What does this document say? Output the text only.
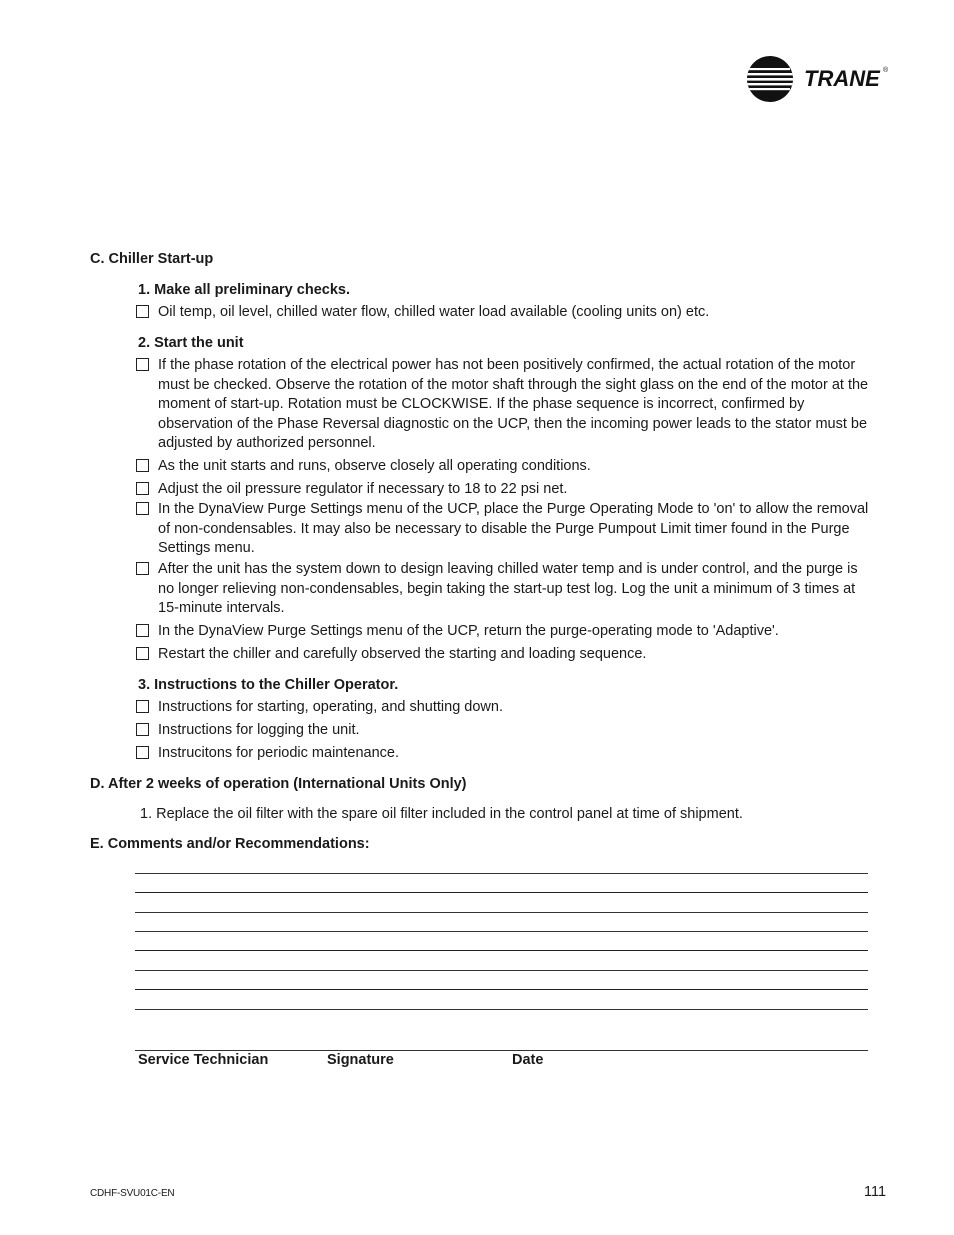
TRANE ®
C. Chiller Start-up
1. Make all preliminary checks.
Oil temp, oil level, chilled water flow, chilled water load available (cooling units on) etc.
2. Start the unit
If the phase rotation of the electrical power has not been positively confirmed, the actual rotation of the motor must be checked. Observe the rotation of the motor shaft through the sight glass on the end of the motor at the moment of start-up. Rotation must be CLOCKWISE. If the phase sequence is incorrect, confirmed by observation of the Phase Reversal diagnostic on the UCP, then the incoming power leads to the stator must be adjusted by authorized personnel.
As the unit starts and runs, observe closely all operating conditions.
Adjust the oil pressure regulator if necessary to 18 to 22 psi net.
In the DynaView Purge Settings menu of the UCP, place the Purge Operating Mode to 'on' to allow the removal of non-condensables. It may also be necessary to disable the Purge Pumpout Limit timer found in the Purge Settings menu.
After the unit has the system down to design leaving chilled water temp and is under control, and the purge is no longer relieving non-condensables, begin taking the start-up test log. Log the unit a minimum of 3 times at 15-minute intervals.
In the DynaView Purge Settings menu of the UCP, return the purge-operating mode to 'Adaptive'.
Restart the chiller and carefully observed the starting and loading sequence.
3. Instructions to the Chiller Operator.
Instructions for starting, operating, and shutting down.
Instructions for logging the unit.
Instrucitons for periodic maintenance.
D. After 2 weeks of operation (International Units Only)
1. Replace the oil filter with the spare oil filter included in the control panel at time of shipment.
E. Comments and/or Recommendations:
Service Technician	Signature	Date
CDHF-SVU01C-EN	111
